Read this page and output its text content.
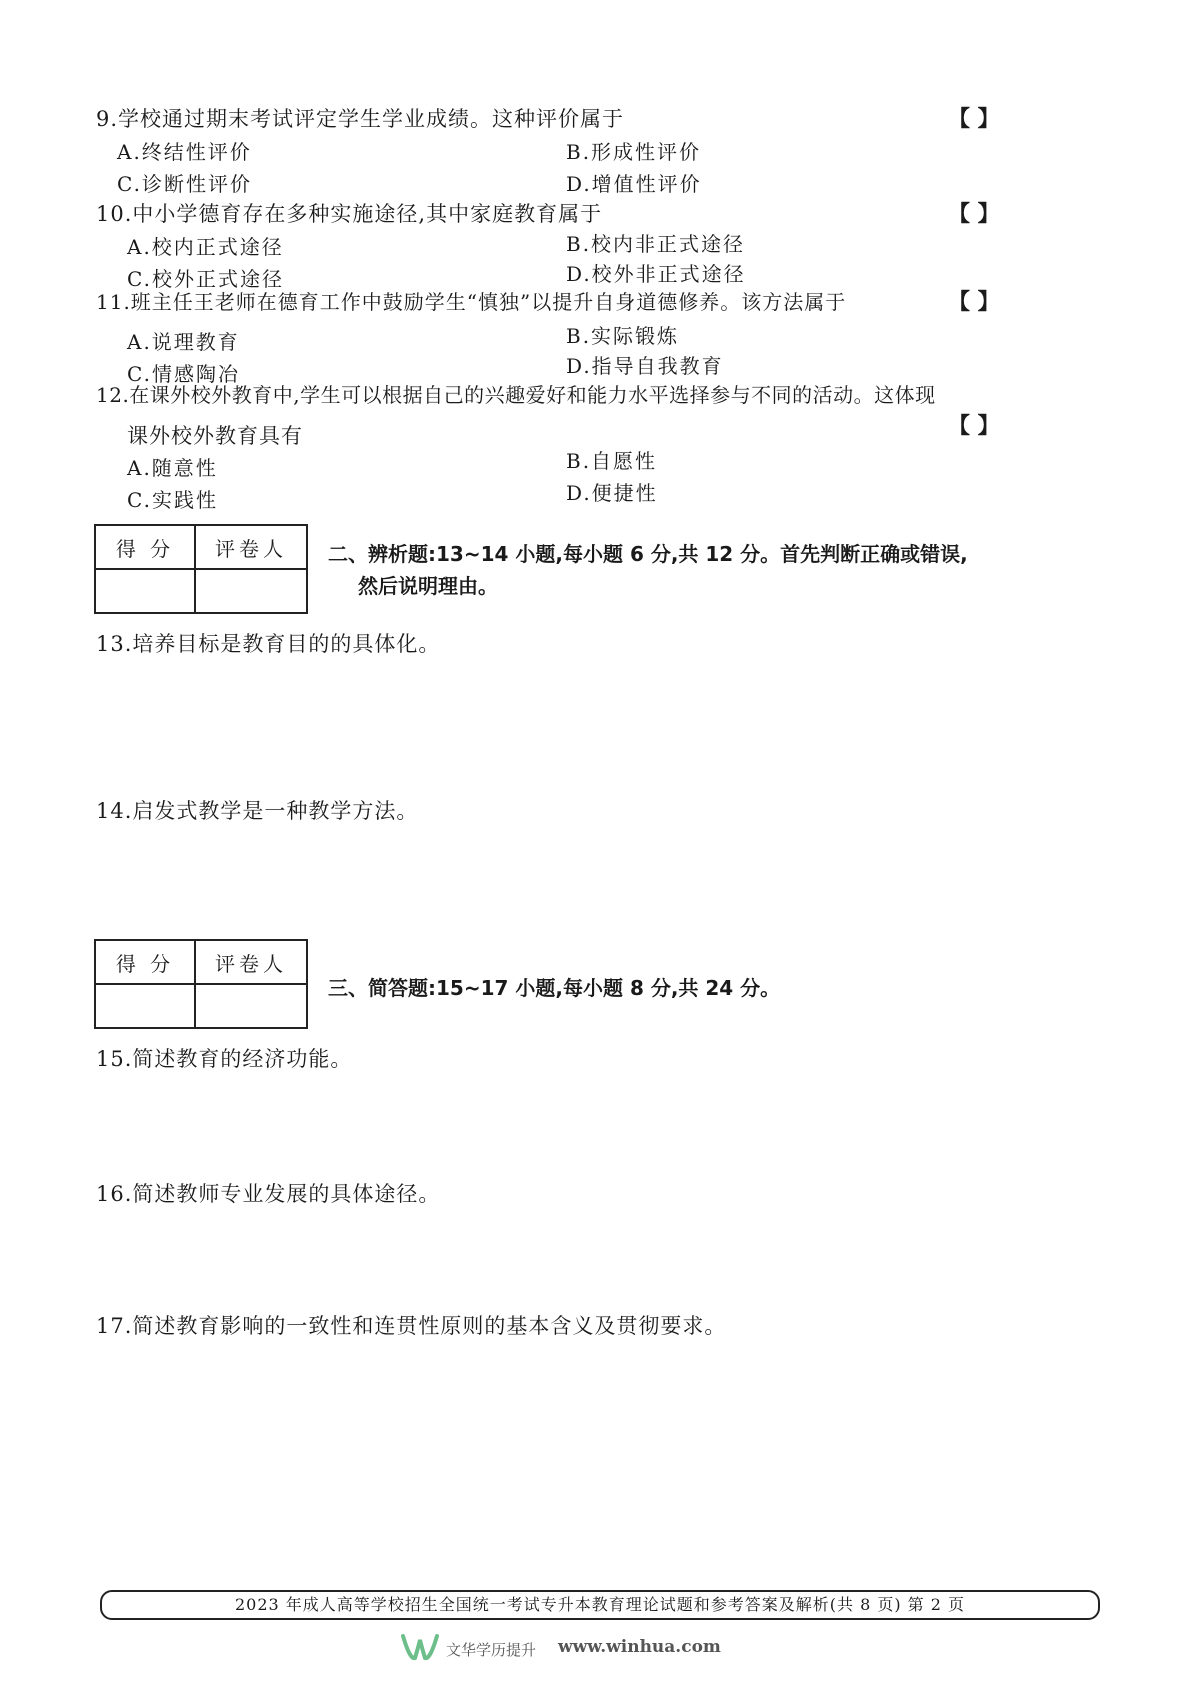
9.学校通过期末考试评定学生学业成绩。这种评价属于	【 】
A.终结性评价	B.形成性评价
C.诊断性评价	D.增值性评价
10.中小学德育存在多种实施途径,其中家庭教育属于	【 】
A.校内正式途径	B.校内非正式途径
C.校外正式途径	D.校外非正式途径
11.班主任王老师在德育工作中鼓励学生“慎独”以提升自身道德修养。该方法属于	【 】
A.说理教育	B.实际锻炼
C.情感陶冶	D.指导自我教育
12.在课外校外教育中,学生可以根据自己的兴趣爱好和能力水平选择参与不同的活动。这体现
课外校外教育具有	【 】
A.随意性	B.自愿性
C.实践性	D.便捷性
得 分	评卷人
	二、辨析题:13~14 小题,每小题 6 分,共 12 分。首先判断正确或错误,
然后说明理由。
13.培养目标是教育目的的具体化。
14.启发式教学是一种教学方法。
得 分	评卷人

三、简答题:15~17 小题,每小题 8 分,共 24 分。
15.简述教育的经济功能。
16.简述教师专业发展的具体途径。
17.简述教育影响的一致性和连贯性原则的基本含义及贯彻要求。
2023 年成人高等学校招生全国统一考试专升本教育理论试题和参考答案及解析(共 8 页) 第 2 页
文华学历提升 www.winhua.com
